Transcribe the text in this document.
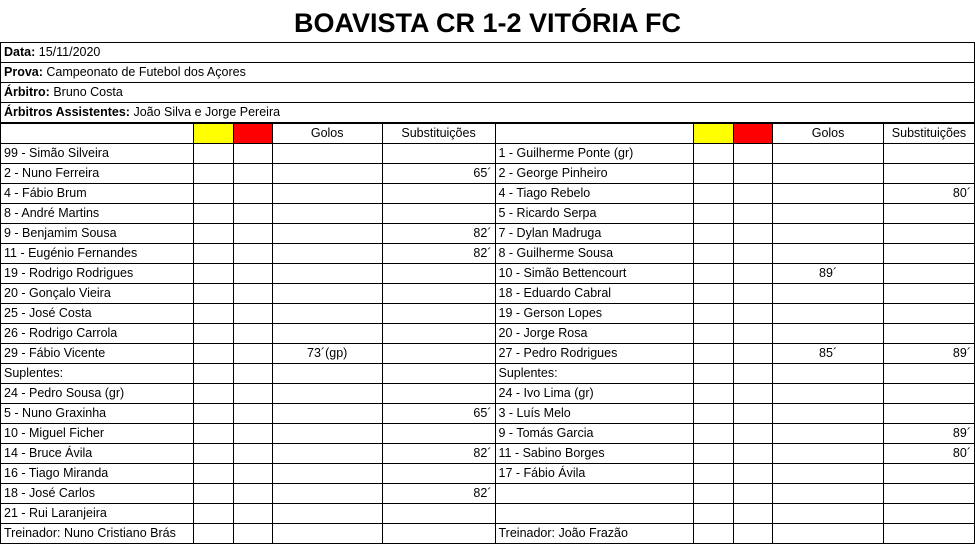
BOAVISTA CR 1-2 VITÓRIA FC
Data: 15/11/2020
Prova: Campeonato de Futebol dos Açores
Árbitro: Bruno Costa
Árbitros Assistentes: João Silva e Jorge Pereira
			Golos	Substituições				Golos	Substituições
99 - Simão Silveira					1 - Guilherme Ponte (gr)				
2 - Nuno Ferreira				65´	2 - George Pinheiro				
4 - Fábio Brum					4 - Tiago Rebelo				80´
8 - André Martins					5 - Ricardo Serpa				
9 - Benjamim Sousa				82´	7 - Dylan Madruga				
11 - Eugénio Fernandes				82´	8 - Guilherme Sousa				
19 - Rodrigo Rodrigues					10 - Simão Bettencourt			89´	
20 - Gonçalo Vieira					18 - Eduardo Cabral				
25 - José Costa					19 - Gerson Lopes				
26 - Rodrigo Carrola					20 - Jorge Rosa				
29 - Fábio Vicente			73´(gp)		27 - Pedro Rodrigues			85´	89´
Suplentes:					Suplentes:				
24 - Pedro Sousa (gr)					24 - Ivo Lima (gr)				
5 - Nuno Graxinha				65´	3 - Luís Melo				
10 - Miguel Ficher					9 - Tomás Garcia				89´
14 - Bruce Ávila				82´	11 - Sabino Borges				80´
16 - Tiago Miranda					17 - Fábio Ávila				
18 - José Carlos				82´					
21 - Rui Laranjeira									
Treinador: Nuno Cristiano Brás					Treinador: João Frazão				
